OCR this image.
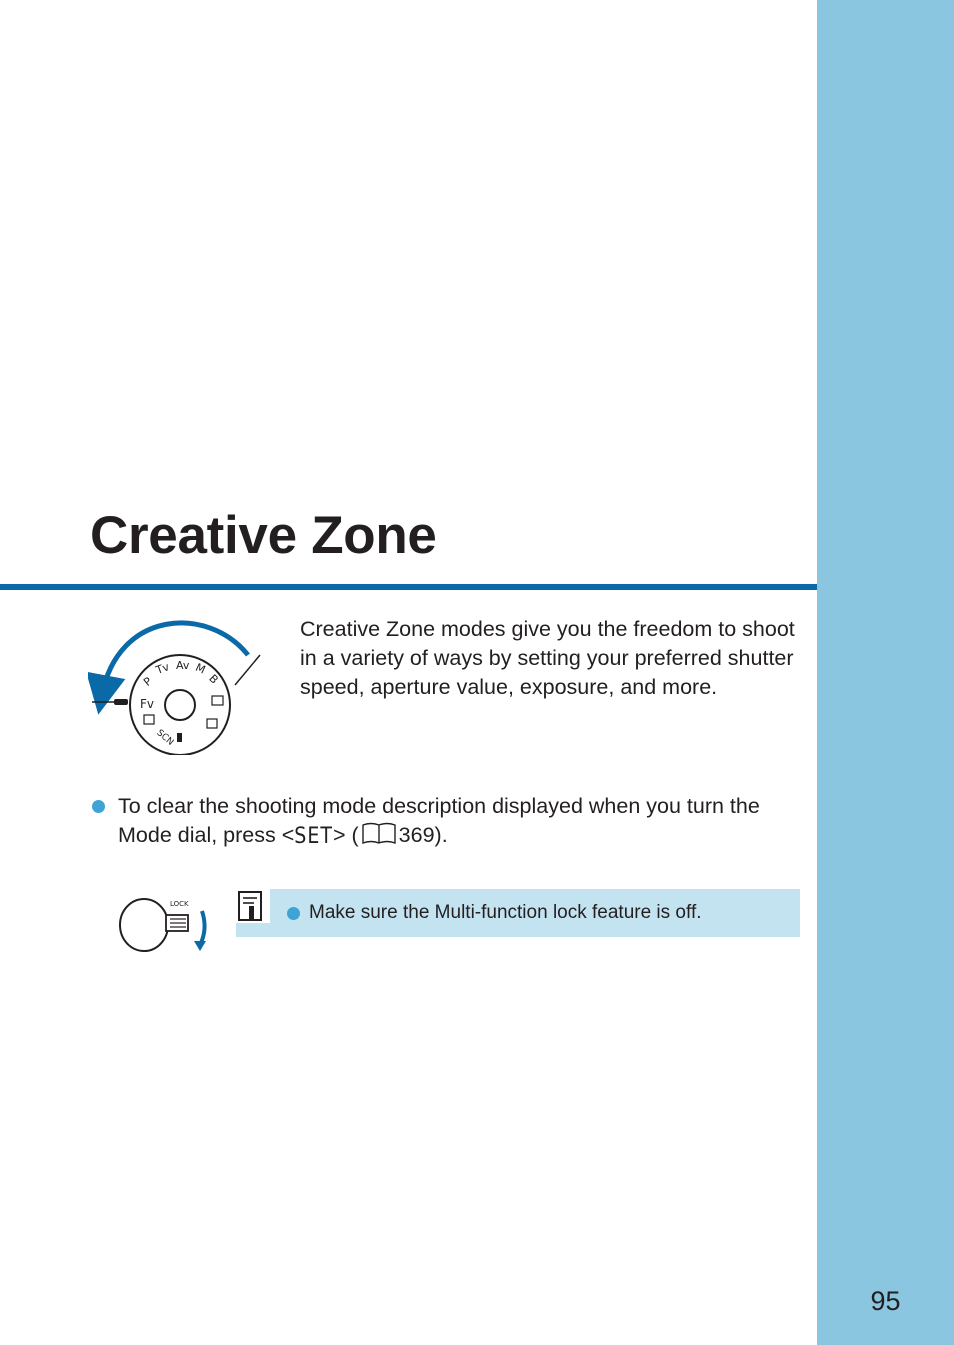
95
Creative Zone
Fv
P
Tv Av M
B
SCN

Creative Zone modes give you the freedom to shoot in a variety of ways by setting your preferred shutter speed, aperture value, exposure, and more.

To clear the shooting mode description displayed when you turn the Mode dial, press <SET> ( 369).
LOCK	Make sure the Multi-function lock feature is off.
